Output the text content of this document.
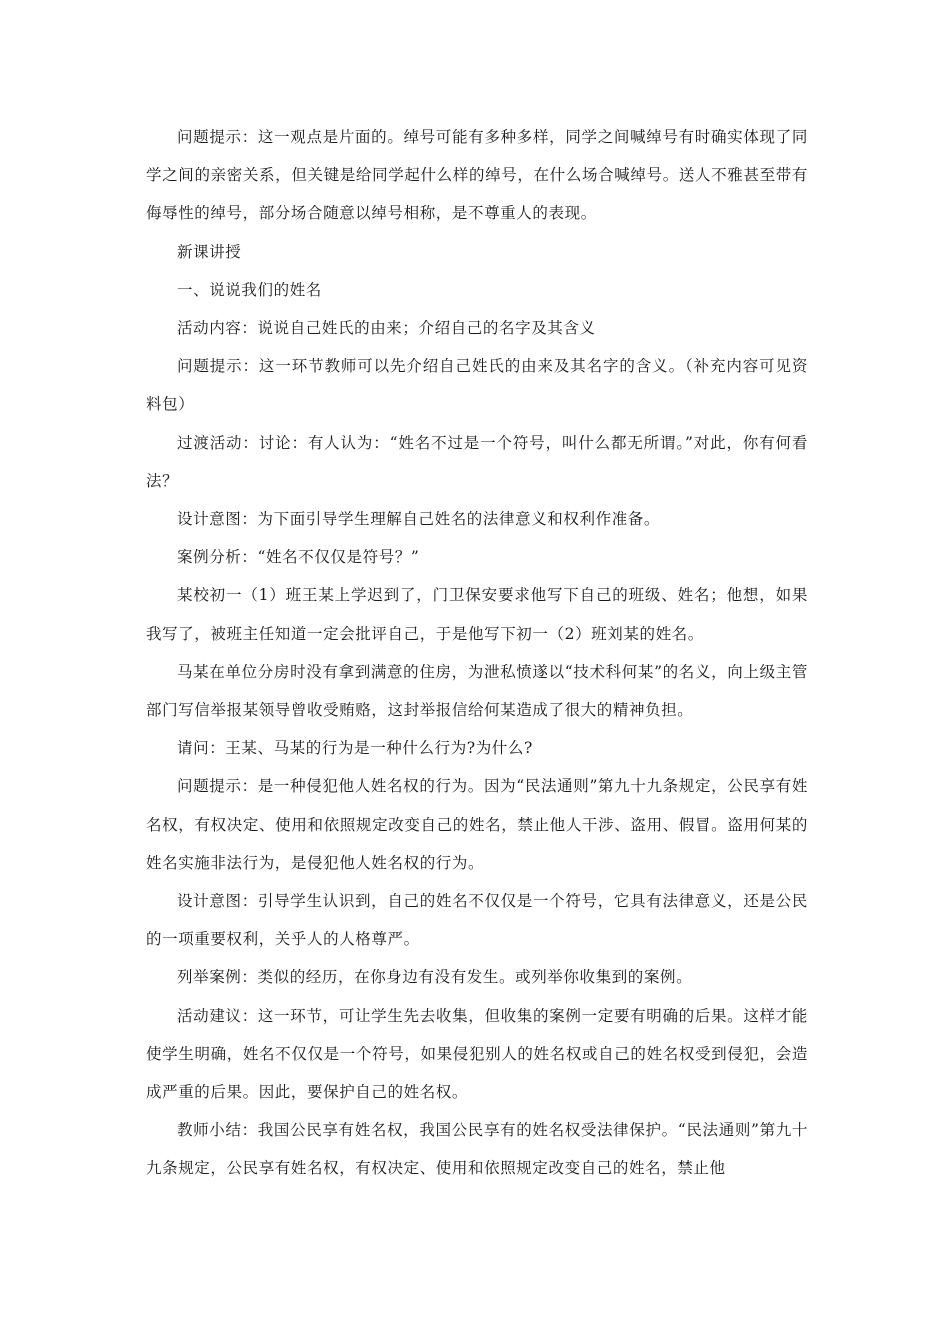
问题提示：这一观点是片面的。绰号可能有多种多样，同学之间喊绰号有时确实体现了同学之间的亲密关系，但关键是给同学起什么样的绰号，在什么场合喊绰号。送人不雅甚至带有侮辱性的绰号，部分场合随意以绰号相称，是不尊重人的表现。

新课讲授

一、说说我们的姓名

活动内容：说说自己姓氏的由来；介绍自己的名字及其含义

问题提示：这一环节教师可以先介绍自己姓氏的由来及其名字的含义。（补充内容可见资料包）

过渡活动：讨论：有人认为：“姓名不过是一个符号，叫什么都无所谓。”对此，你有何看法？

设计意图：为下面引导学生理解自己姓名的法律意义和权利作准备。

案例分析：“姓名不仅仅是符号？”

某校初一（1）班王某上学迟到了，门卫保安要求他写下自己的班级、姓名；他想，如果我写了，被班主任知道一定会批评自己，于是他写下初一（2）班刘某的姓名。

马某在单位分房时没有拿到满意的住房，为泄私愤遂以“技术科何某”的名义，向上级主管部门写信举报某领导曾收受贿赂，这封举报信给何某造成了很大的精神负担。

请问：王某、马某的行为是一种什么行为?为什么?

问题提示：是一种侵犯他人姓名权的行为。因为“民法通则”第九十九条规定，公民享有姓名权，有权决定、使用和依照规定改变自己的姓名，禁止他人干涉、盗用、假冒。盗用何某的姓名实施非法行为，是侵犯他人姓名权的行为。

设计意图：引导学生认识到，自己的姓名不仅仅是一个符号，它具有法律意义，还是公民的一项重要权利，关乎人的人格尊严。

列举案例：类似的经历，在你身边有没有发生。或列举你收集到的案例。

活动建议：这一环节，可让学生先去收集，但收集的案例一定要有明确的后果。这样才能使学生明确，姓名不仅仅是一个符号，如果侵犯别人的姓名权或自己的姓名权受到侵犯，会造成严重的后果。因此，要保护自己的姓名权。

教师小结：我国公民享有姓名权，我国公民享有的姓名权受法律保护。“民法通则”第九十九条规定，公民享有姓名权，有权决定、使用和依照规定改变自己的姓名，禁止他
